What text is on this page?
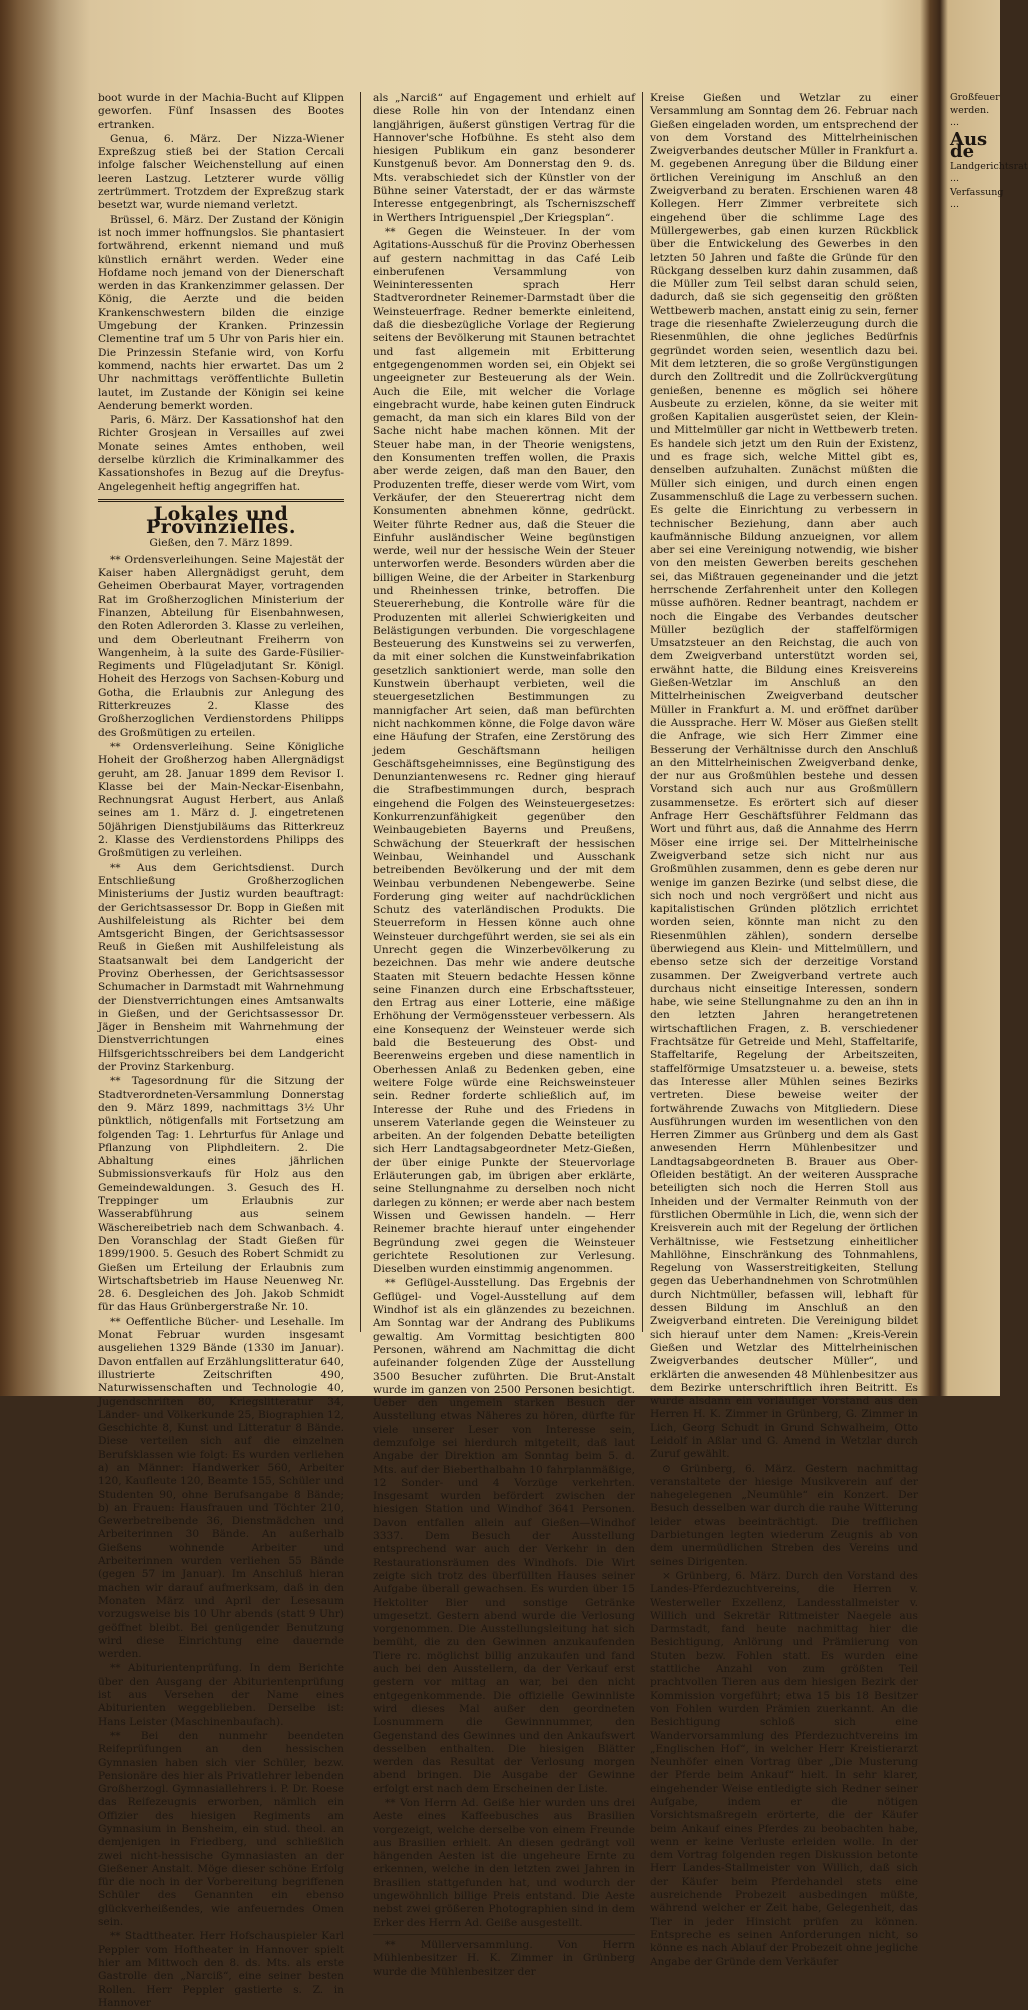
boot wurde in der Machia-Bucht auf Klippen geworfen. Fünf Insassen des Bootes ertranken.

Genua, 6. März. Der Nizza-Wiener Expreßzug stieß bei der Station Cercali infolge falscher Weichenstellung auf einen leeren Lastzug. Letzterer wurde völlig zertrümmert. Trotzdem der Expreßzug stark besetzt war, wurde niemand verletzt.

Brüssel, 6. März. Der Zustand der Königin ist noch immer hoffnungslos. Sie phantasiert fortwährend, erkennt niemand und muß künstlich ernährt werden. Weder eine Hofdame noch jemand von der Dienerschaft werden in das Krankenzimmer gelassen. Der König, die Aerzte und die beiden Krankenschwestern bilden die einzige Umgebung der Kranken. Prinzessin Clementine traf um 5 Uhr von Paris hier ein. Die Prinzessin Stefanie wird, von Korfu kommend, nachts hier erwartet. Das um 2 Uhr nachmittags veröffentlichte Bulletin lautet, im Zustande der Königin sei keine Aenderung bemerkt worden.

Paris, 6. März. Der Kassationshof hat den Richter Grosjean in Versailles auf zwei Monate seines Amtes enthoben, weil derselbe kürzlich die Kriminalkammer des Kassationshofes in Bezug auf die Dreyfus-Angelegenheit heftig angegriffen hat.

Lokales und Provinzielles.
Gießen, den 7. März 1899.

** Ordensverleihungen. Seine Majestät der Kaiser haben Allergnädigst geruht, dem Geheimen Oberbaurat Mayer, vortragenden Rat im Großherzoglichen Ministerium der Finanzen, Abteilung für Eisenbahnwesen, den Roten Adlerorden 3. Klasse zu verleihen, und dem Oberleutnant Freiherrn von Wangenheim, à la suite des Garde-Füsilier-Regiments und Flügeladjutant Sr. Königl. Hoheit des Herzogs von Sachsen-Koburg und Gotha, die Erlaubnis zur Anlegung des Ritterkreuzes 2. Klasse des Großherzoglichen Verdienstordens Philipps des Großmütigen zu erteilen.

** Ordensverleihung. Seine Königliche Hoheit der Großherzog haben Allergnädigst geruht, am 28. Januar 1899 dem Revisor I. Klasse bei der Main-Neckar-Eisenbahn, Rechnungsrat August Herbert, aus Anlaß seines am 1. März d. J. eingetretenen 50jährigen Dienstjubiläums das Ritterkreuz 2. Klasse des Verdienstordens Philipps des Großmütigen zu verleihen.

** Aus dem Gerichtsdienst. Durch Entschließung Großherzoglichen Ministeriums der Justiz wurden beauftragt: der Gerichtsassessor Dr. Bopp in Gießen mit Aushilfeleistung als Richter bei dem Amtsgericht Bingen, der Gerichtsassessor Reuß in Gießen mit Aushilfeleistung als Staatsanwalt bei dem Landgericht der Provinz Oberhessen, der Gerichtsassessor Schumacher in Darmstadt mit Wahrnehmung der Dienstverrichtungen eines Amtsanwalts in Gießen, und der Gerichtsassessor Dr. Jäger in Bensheim mit Wahrnehmung der Dienstverrichtungen eines Hilfsgerichtsschreibers bei dem Landgericht der Provinz Starkenburg.

** Tagesordnung für die Sitzung der Stadtverordneten-Versammlung Donnerstag den 9. März 1899, nachmittags 3½ Uhr pünktlich, nötigenfalls mit Fortsetzung am folgenden Tag: 1. Lehrturfus für Anlage und Pflanzung von Pliphdleitern. 2. Die Abhaltung eines jährlichen Submissionsverkaufs für Holz aus den Gemeindewaldungen. 3. Gesuch des H. Treppinger um Erlaubnis zur Wasserabführung aus seinem Wäschereibetrieb nach dem Schwanbach. 4. Den Voranschlag der Stadt Gießen für 1899/1900. 5. Gesuch des Robert Schmidt zu Gießen um Erteilung der Erlaubnis zum Wirtschaftsbetrieb im Hause Neuenweg Nr. 28. 6. Desgleichen des Joh. Jakob Schmidt für das Haus Grünbergerstraße Nr. 10.

** Oeffentliche Bücher- und Lesehalle. Im Monat Februar wurden insgesamt ausgeliehen 1329 Bände (1330 im Januar). Davon entfallen auf Erzählungslitteratur 640, illustrierte Zeitschriften 490, Naturwissenschaften und Technologie 40, Jugendschriften 80, Kriegslitteratur 34, Länder- und Völkerkunde 25, Biographien 12, Geschichte 8, Kunst und Litteratur 8 Bände. Diese verteilen sich auf die einzelnen Berufsklassen wie folgt: Es wurden verliehen a) an Männer: Handwerker 560, Arbeiter 120, Kaufleute 120, Beamte 155, Schüler und Studenten 90, ohne Berufsangabe 8 Bände; b) an Frauen: Hausfrauen und Töchter 210, Gewerbetreibende 36, Dienstmädchen und Arbeiterinnen 30 Bände. An außerhalb Gießens wohnende Arbeiter und Arbeiterinnen wurden verliehen 55 Bände (gegen 57 im Januar). Im Anschluß hieran machen wir darauf aufmerksam, daß in den Monaten März und April der Lesesaum vorzugsweise bis 10 Uhr abends (statt 9 Uhr) geöffnet bleibt. Bei genügender Benutzung wird diese Einrichtung eine dauernde werden.

** Abiturientenprüfung. In dem Berichte über den Ausgang der Abiturientenprüfung ist aus Versehen der Name eines Abiturienten weggeblieben. Derselbe ist: Hans Leister (Maschinenbaufach).

** Bei den nunmehr beendeten Reifeprüfungen an den hessischen Gymnasien haben sich vier Schüler, bezw. Pensionäre des hier als Privatlehrer lebenden Großherzogl. Gymnasiallehrers i. P. Dr. Roese das Reifezeugnis erworben, nämlich ein Offizier des hiesigen Regiments am Gymnasium in Bensheim, ein stud. theol. an demjenigen in Friedberg, und schließlich zwei nicht-hessische Gymnasiasten an der Gießener Anstalt. Möge dieser schöne Erfolg für die noch in der Vorbereitung begriffenen Schüler des Genannten ein ebenso glückverheißendes, wie anfeuerndes Omen sein.

** Stadttheater. Herr Hofschauspieler Karl Peppler vom Hoftheater in Hannover spielt hier am Mittwoch den 8. ds. Mts. als erste Gastrolle den „Narciß“, eine seiner besten Rollen. Herr Peppler gastierte s. Z. in Hannover

als „Narciß“ auf Engagement und erhielt auf diese Rolle hin von der Intendanz einen langjährigen, äußerst günstigen Vertrag für die Hannover'sche Hofbühne. Es steht also dem hiesigen Publikum ein ganz besonderer Kunstgenuß bevor. Am Donnerstag den 9. ds. Mts. verabschiedet sich der Künstler von der Bühne seiner Vaterstadt, der er das wärmste Interesse entgegenbringt, als Tscherniszscheff in Werthers Intriguenspiel „Der Kriegsplan“.

** Gegen die Weinsteuer. In der vom Agitations-Ausschuß für die Provinz Oberhessen auf gestern nachmittag in das Café Leib einberufenen Versammlung von Weininteressenten sprach Herr Stadtverordneter Reinemer-Darmstadt über die Weinsteuerfrage. Redner bemerkte einleitend, daß die diesbezügliche Vorlage der Regierung seitens der Bevölkerung mit Staunen betrachtet und fast allgemein mit Erbitterung entgegengenommen worden sei, ein Objekt sei ungeeigneter zur Besteuerung als der Wein. Auch die Eile, mit welcher die Vorlage eingebracht wurde, habe keinen guten Eindruck gemacht, da man sich ein klares Bild von der Sache nicht habe machen können. Mit der Steuer habe man, in der Theorie wenigstens, den Konsumenten treffen wollen, die Praxis aber werde zeigen, daß man den Bauer, den Produzenten treffe, dieser werde vom Wirt, vom Verkäufer, der den Steuerertrag nicht dem Konsumenten abnehmen könne, gedrückt. Weiter führte Redner aus, daß die Steuer die Einfuhr ausländischer Weine begünstigen werde, weil nur der hessische Wein der Steuer unterworfen werde. Besonders würden aber die billigen Weine, die der Arbeiter in Starkenburg und Rheinhessen trinke, betroffen. Die Steuererhebung, die Kontrolle wäre für die Produzenten mit allerlei Schwierigkeiten und Belästigungen verbunden. Die vorgeschlagene Besteuerung des Kunstweins sei zu verwerfen, da mit einer solchen die Kunstweinfabrikation gesetzlich sanktioniert werde, man solle den Kunstwein überhaupt verbieten, weil die steuergesetzlichen Bestimmungen zu mannigfacher Art seien, daß man befürchten nicht nachkommen könne, die Folge davon wäre eine Häufung der Strafen, eine Zerstörung des jedem Geschäftsmann heiligen Geschäftsgeheimnisses, eine Begünstigung des Denunziantenwesens rc. Redner ging hierauf die Strafbestimmungen durch, besprach eingehend die Folgen des Weinsteuergesetzes: Konkurrenzunfähigkeit gegenüber den Weinbaugebieten Bayerns und Preußens, Schwächung der Steuerkraft der hessischen Weinbau, Weinhandel und Ausschank betreibenden Bevölkerung und der mit dem Weinbau verbundenen Nebengewerbe. Seine Forderung ging weiter auf nachdrücklichen Schutz des vaterländischen Produkts. Die Steuerreform in Hessen könne auch ohne Weinsteuer durchgeführt werden, sie sei als ein Unrecht gegen die Winzerbevölkerung zu bezeichnen. Das mehr wie andere deutsche Staaten mit Steuern bedachte Hessen könne seine Finanzen durch eine Erbschaftssteuer, den Ertrag aus einer Lotterie, eine mäßige Erhöhung der Vermögenssteuer verbessern. Als eine Konsequenz der Weinsteuer werde sich bald die Besteuerung des Obst- und Beerenweins ergeben und diese namentlich in Oberhessen Anlaß zu Bedenken geben, eine weitere Folge würde eine Reichsweinsteuer sein. Redner forderte schließlich auf, im Interesse der Ruhe und des Friedens in unserem Vaterlande gegen die Weinsteuer zu arbeiten. An der folgenden Debatte beteiligten sich Herr Landtagsabgeordneter Metz-Gießen, der über einige Punkte der Steuervorlage Erläuterungen gab, im übrigen aber erklärte, seine Stellungnahme zu derselben noch nicht darlegen zu können; er werde aber nach bestem Wissen und Gewissen handeln. — Herr Reinemer brachte hierauf unter eingehender Begründung zwei gegen die Weinsteuer gerichtete Resolutionen zur Verlesung. Dieselben wurden einstimmig angenommen.

** Geflügel-Ausstellung. Das Ergebnis der Geflügel- und Vogel-Ausstellung auf dem Windhof ist als ein glänzendes zu bezeichnen. Am Sonntag war der Andrang des Publikums gewaltig. Am Vormittag besichtigten 800 Personen, während am Nachmittag die dicht aufeinander folgenden Züge der Ausstellung 3500 Besucher zuführten. Die Brut-Anstalt wurde im ganzen von 2500 Personen besichtigt. Ueber den ungemein starken Besuch der Ausstellung etwas Näheres zu hören, dürfte für viele unserer Leser von Interesse sein, demzufolge sei hierdurch mitgeteilt, daß laut Angabe der Direktion am Sonntag beim 5. d. Mts. auf der Bieberthalbahn 10 fahrplanmäßige, 12 Sonder- und 4 Vorzüge verkehrten. Insgesamt wurden befördert zwischen der hiesigen Station und Windhof 3641 Personen. Davon entfallen allein auf Gießen—Windhof 3337. Dem Besuch der Ausstellung entsprechend war auch der Verkehr in den Restaurationsräumen des Windhofs. Die Wirt zeigte sich trotz des überfüllten Hauses seiner Aufgabe überall gewachsen. Es wurden über 15 Hektoliter Bier und sonstige Getränke umgesetzt. Gestern abend wurde die Verlosung vorgenommen. Die Ausstellungsleitung hat sich bemüht, die zu den Gewinnen anzukaufenden Tiere rc. möglichst billig anzukaufen und fand auch bei den Ausstellern, da der Verkauf erst gestern vor mittag an war, bei den nicht entgegenkommende. Die offizielle Gewinnliste wird dieses Mal außer den geordneten Losnummern die Gewinnnummer, den Gegenstand des Gewinnes und den Ankaufswert desselben enthalten. Die hiesigen Blätter werden das Resultat der Verlosung morgen abend bringen. Die Ausgabe der Gewinne erfolgt erst nach dem Erscheinen der Liste.

** Von Herrn Ad. Geiße hier wurden uns drei Aeste eines Kaffeebusches aus Brasilien vorgezeigt, welche derselbe von einem Freunde aus Brasilien erhielt. An diesen gedrängt voll hängenden Aesten ist die ungeheure Ernte zu erkennen, welche in den letzten zwei Jahren in Brasilien stattgefunden hat, und wodurch der ungewöhnlich billige Preis entstand. Die Aeste nebst zwei größeren Photographien sind in dem Erker des Herrn Ad. Geiße ausgestellt.

** Müllerversammlung. Von Herrn Mühlenbesitzer H. K. Zimmer in Grünberg wurde die Mühlenbesitzer der

Kreise Gießen und Wetzlar zu einer Versammlung am Sonntag dem 26. Februar nach Gießen eingeladen worden, um entsprechend der von dem Vorstand des Mittelrheinischen Zweigverbandes deutscher Müller in Frankfurt a. M. gegebenen Anregung über die Bildung einer örtlichen Vereinigung im Anschluß an den Zweigverband zu beraten. Erschienen waren 48 Kollegen. Herr Zimmer verbreitete sich eingehend über die schlimme Lage des Müllergewerbes, gab einen kurzen Rückblick über die Entwickelung des Gewerbes in den letzten 50 Jahren und faßte die Gründe für den Rückgang desselben kurz dahin zusammen, daß die Müller zum Teil selbst daran schuld seien, dadurch, daß sie sich gegenseitig den größten Wettbewerb machen, anstatt einig zu sein, ferner trage die riesenhafte Zwielerzeugung durch die Riesenmühlen, die ohne jegliches Bedürfnis gegründet worden seien, wesentlich dazu bei. Mit dem letzteren, die so große Vergünstigungen durch den Zolltredit und die Zollrückvergütung genießen, benenne es möglich sei höhere Ausbeute zu erzielen, könne, da sie weiter mit großen Kapitalien ausgerüstet seien, der Klein- und Mittelmüller gar nicht in Wettbewerb treten. Es handele sich jetzt um den Ruin der Existenz, und es frage sich, welche Mittel gibt es, denselben aufzuhalten. Zunächst müßten die Müller sich einigen, und durch einen engen Zusammenschluß die Lage zu verbessern suchen. Es gelte die Einrichtung zu verbessern in technischer Beziehung, dann aber auch kaufmännische Bildung anzueignen, vor allem aber sei eine Vereinigung notwendig, wie bisher von den meisten Gewerben bereits geschehen sei, das Mißtrauen gegeneinander und die jetzt herrschende Zerfahrenheit unter den Kollegen müsse aufhören. Redner beantragt, nachdem er noch die Eingabe des Verbandes deutscher Müller bezüglich der staffelförmigen Umsatzsteuer an den Reichstag, die auch von dem Zweigverband unterstützt worden sei, erwähnt hatte, die Bildung eines Kreisvereins Gießen-Wetzlar im Anschluß an den Mittelrheinischen Zweigverband deutscher Müller in Frankfurt a. M. und eröffnet darüber die Aussprache. Herr W. Möser aus Gießen stellt die Anfrage, wie sich Herr Zimmer eine Besserung der Verhältnisse durch den Anschluß an den Mittelrheinischen Zweigverband denke, der nur aus Großmühlen bestehe und dessen Vorstand sich auch nur aus Großmüllern zusammensetze. Es erörtert sich auf dieser Anfrage Herr Geschäftsführer Feldmann das Wort und führt aus, daß die Annahme des Herrn Möser eine irrige sei. Der Mittelrheinische Zweigverband setze sich nicht nur aus Großmühlen zusammen, denn es gebe deren nur wenige im ganzen Bezirke (und selbst diese, die sich noch und noch vergrößert und nicht aus kapitalistischen Gründen plötzlich errichtet worden seien, könnte man nicht zu den Riesenmühlen zählen), sondern derselbe überwiegend aus Klein- und Mittelmüllern, und ebenso setze sich der derzeitige Vorstand zusammen. Der Zweigverband vertrete auch durchaus nicht einseitige Interessen, sondern habe, wie seine Stellungnahme zu den an ihn in den letzten Jahren herangetretenen wirtschaftlichen Fragen, z. B. verschiedener Frachtsätze für Getreide und Mehl, Staffeltarife, Staffeltarife, Regelung der Arbeitszeiten, staffelförmige Umsatzsteuer u. a. beweise, stets das Interesse aller Mühlen seines Bezirks vertreten. Diese beweise weiter der fortwährende Zuwachs von Mitgliedern. Diese Ausführungen wurden im wesentlichen von den Herren Zimmer aus Grünberg und dem als Gast anwesenden Herrn Mühlenbesitzer und Landtagsabgeordneten B. Brauer aus Ober-Ofleiden bestätigt. An der weiteren Aussprache beteiligten sich noch die Herren Stoll aus Inheiden und der Vermalter Reinmuth von der fürstlichen Obermühle in Lich, die, wenn sich der Kreisverein auch mit der Regelung der örtlichen Verhältnisse, wie Festsetzung einheitlicher Mahllöhne, Einschränkung des Tohnmahlens, Regelung von Wasserstreitigkeiten, Stellung gegen das Ueberhandnehmen von Schrotmühlen durch Nichtmüller, befassen will, lebhaft für dessen Bildung im Anschluß an den Zweigverband eintreten. Die Vereinigung bildet sich hierauf unter dem Namen: „Kreis-Verein Gießen und Wetzlar des Mittelrheinischen Zweigverbandes deutscher Müller“, und erklärten die anwesenden 48 Mühlenbesitzer aus dem Bezirke unterschriftlich ihren Beitritt. Es wurde alsdann ein vorläufiger Vorstand aus den Herren H. K. Zimmer in Grünberg, G. Zimmer in Lich, Georg Schudt in Grund Schwalheim, Otto Leidolf in Aßlar und G. Amend in Wetzlar durch Zuruf gewählt.

⊙ Grünberg, 6. März. Gestern nachmittag veranstaltete der hiesige Musikverein auf der nahegelegenen „Neumühle“ ein Konzert. Der Besuch desselben war durch die rauhe Witterung leider etwas beeinträchtigt. Die trefflichen Darbietungen legten wiederum Zeugnis ab von dem unermüdlichen Streben des Vereins und seines Dirigenten.

× Grünberg, 6. März. Durch den Vorstand des Landes-Pferdezuchtvereins, die Herren v. Westerweller Exzellenz, Landesstallmeister v. Willich und Sekretär Rittmeister Naegele aus Darmstadt, fand heute nachmittag hier die Besichtigung, Anlörung und Prämiierung von Stuten bezw. Fohlen statt. Es wurden eine stattliche Anzahl von zum größten Teil prachtvollen Tieren aus dem hiesigen Bezirk der Kommission vorgeführt; etwa 15 bis 18 Besitzer von Fohlen wurden Prämien zuerkannt. An die Besichtigung schloß sich eine Wandervorsammlung des Pferdezuchtvereins im „Englischen Hof“, in welcher Herr Kreistierarzt Neunhöfer einen Vortrag über „Die Musterung der Pferde beim Ankauf“ hielt. In sehr klarer, eingehender Weise entledigte sich Redner seiner Aufgabe, indem er die nötigen Vorsichtsmaßregeln erörterte, die der Käufer beim Ankauf eines Pferdes zu beobachten habe, wenn er keine Verluste erleiden wolle. In der dem Vortrag folgenden regen Diskussion betonte Herr Landes-Stallmeister von Willich, daß sich der Käufer beim Pferdehandel stets eine ausreichende Probezeit ausbedingen müßte, während welcher er Zeit habe, Gelegenheit, das Tier in jeder Hinsicht prüfen zu können. Entspreche es seinen Anforderungen nicht, so könne es nach Ablauf der Probezeit ohne jegliche Angabe der Gründe dem Verkäufer

Großfeuer werden. ...

Aus de

Landgerichtsrat ...

Verfassung ...
